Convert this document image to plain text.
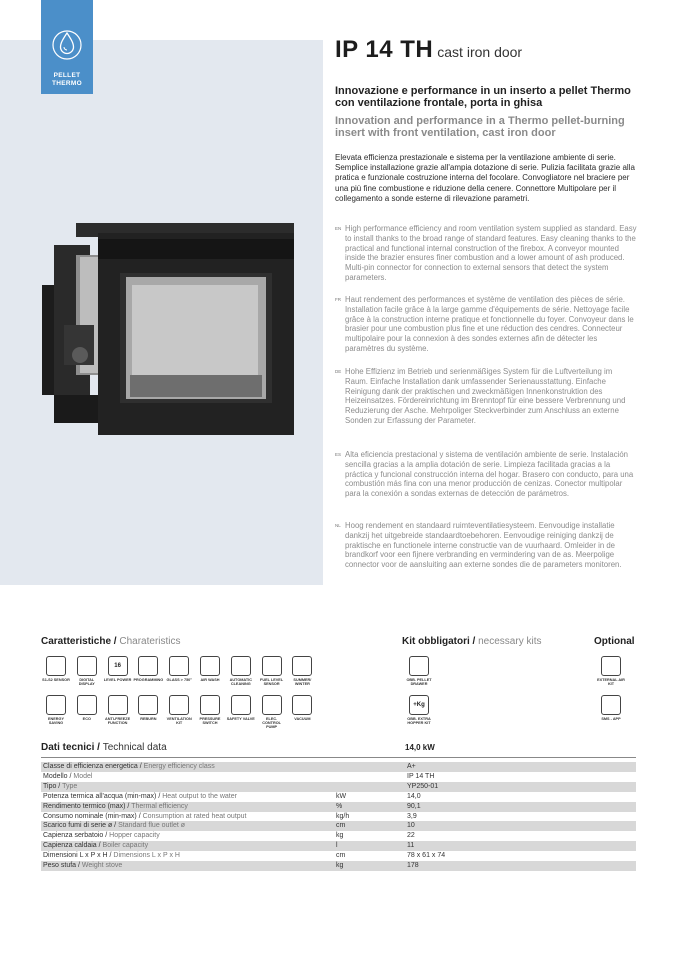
PELLET
THERMO
IP 14 TH cast iron door
Innovazione e performance in un inserto a pellet Thermo con ventilazione frontale, porta in ghisa
Innovation and performance in a Thermo pellet-burning insert with front ventilation, cast iron door
Elevata efficienza prestazionale e sistema per la ventilazione ambiente di serie. Semplice installazione grazie all'ampia dotazione di serie. Pulizia facilitata grazie alla pratica e funzionale costruzione interna del focolare. Convogliatore nel braciere per una più fine combustione e riduzione della cenere. Connettore Multipolare per il collegamento a sonde esterne di rilevazione parametri.
EN High performance efficiency and room ventilation system supplied as standard. Easy to install thanks to the broad range of standard features. Easy cleaning thanks to the practical and functional internal construction of the firebox. A conveyor mounted inside the brazier ensures finer combustion and a lower amount of ash produced. Multi-pin connector for connection to external sensors that detect the system parameters.
FR Haut rendement des performances et système de ventilation des pièces de série. Installation facile grâce à la large gamme d'équipements de série. Nettoyage facile grâce à la construction interne pratique et fonctionnelle du foyer. Convoyeur dans le brasier pour une combustion plus fine et une réduction des cendres. Connecteur multipolaire pour la connexion à des sondes externes afin de détecter les paramètres du système.
DE Hohe Effizienz im Betrieb und serienmäßiges System für die Luftverteilung im Raum. Einfache Installation dank umfassender Serienausstattung. Einfache Reinigung dank der praktischen und zweckmäßigen Innenkonstruktion des Heizeinsatzes. Fördereinrichtung im Brenntopf für eine bessere Verbrennung und Reduzierung der Asche. Mehrpoliger Steckverbinder zum Anschluss an externe Sonden zur Erfassung der Parameter.
ES Alta eficiencia prestacional y sistema de ventilación ambiente de serie. Instalación sencilla gracias a la amplia dotación de serie. Limpieza facilitada gracias a la práctica y funcional construcción interna del hogar. Brasero con conducto, para una combustión más fina con una menor producción de cenizas. Conector multipolar para la conexión a sondas externas de detección de parámetros.
NL Hoog rendement en standaard ruimteventilatiesysteem. Eenvoudige installatie dankzij het uitgebreide standaardtoebehoren. Eenvoudige reiniging dankzij de praktische en functionele interne constructie van de vuurhaard. Omleider in de brandkorf voor een fijnere verbranding en vermindering van de as. Meerpolige connector voor de aansluiting aan externe sondes die de parameters monitoren.
Caratteristiche / Charateristics	Kit obbligatori / necessary kits	Optional
S1-S2 SENSOR	DIGITAL DISPLAY
16
LEVEL POWER PROGRAMMING GLASS > 750°	AIR WASH	AUTOMATIC CLEANING
FUEL LEVEL SENSOR
SUMMER/ WINTER
ENERGY SAVING
ECO	ANTI-FREEZE FUNCTION
REBURN	VENTILATION KIT
PRESSURE SWITCH
SAFETY VALVE	ELEC. CONTROL PUMP
VACUUM
OBB. PELLET DRAWER
+Kg
OBB. EXTRA HOPPER KIT
EXTERNAL AIR KIT
SMS - APP
Dati tecnici / Technical data	14,0 kW
Classe di efficienza energetica / Energy efficiency class	A+
Modello / Model	IP 14 TH
Tipo / Type	YP250-01
Potenza termica all'acqua (min-max) / Heat output to the water	kW	14,0
Rendimento termico (max) / Thermal efficiency	%	90,1
Consumo nominale (min-max) / Consumption at rated heat output	kg/h	3,9
Scarico fumi di serie ø / Standard flue outlet ø	cm	10
Capienza serbatoio / Hopper capacity	kg	22
Capienza caldaia / Boiler capacity	l	11
Dimensioni L x P x H / Dimensions L x P x H	cm	78 x 61 x 74
Peso stufa / Weight stove	kg	178
